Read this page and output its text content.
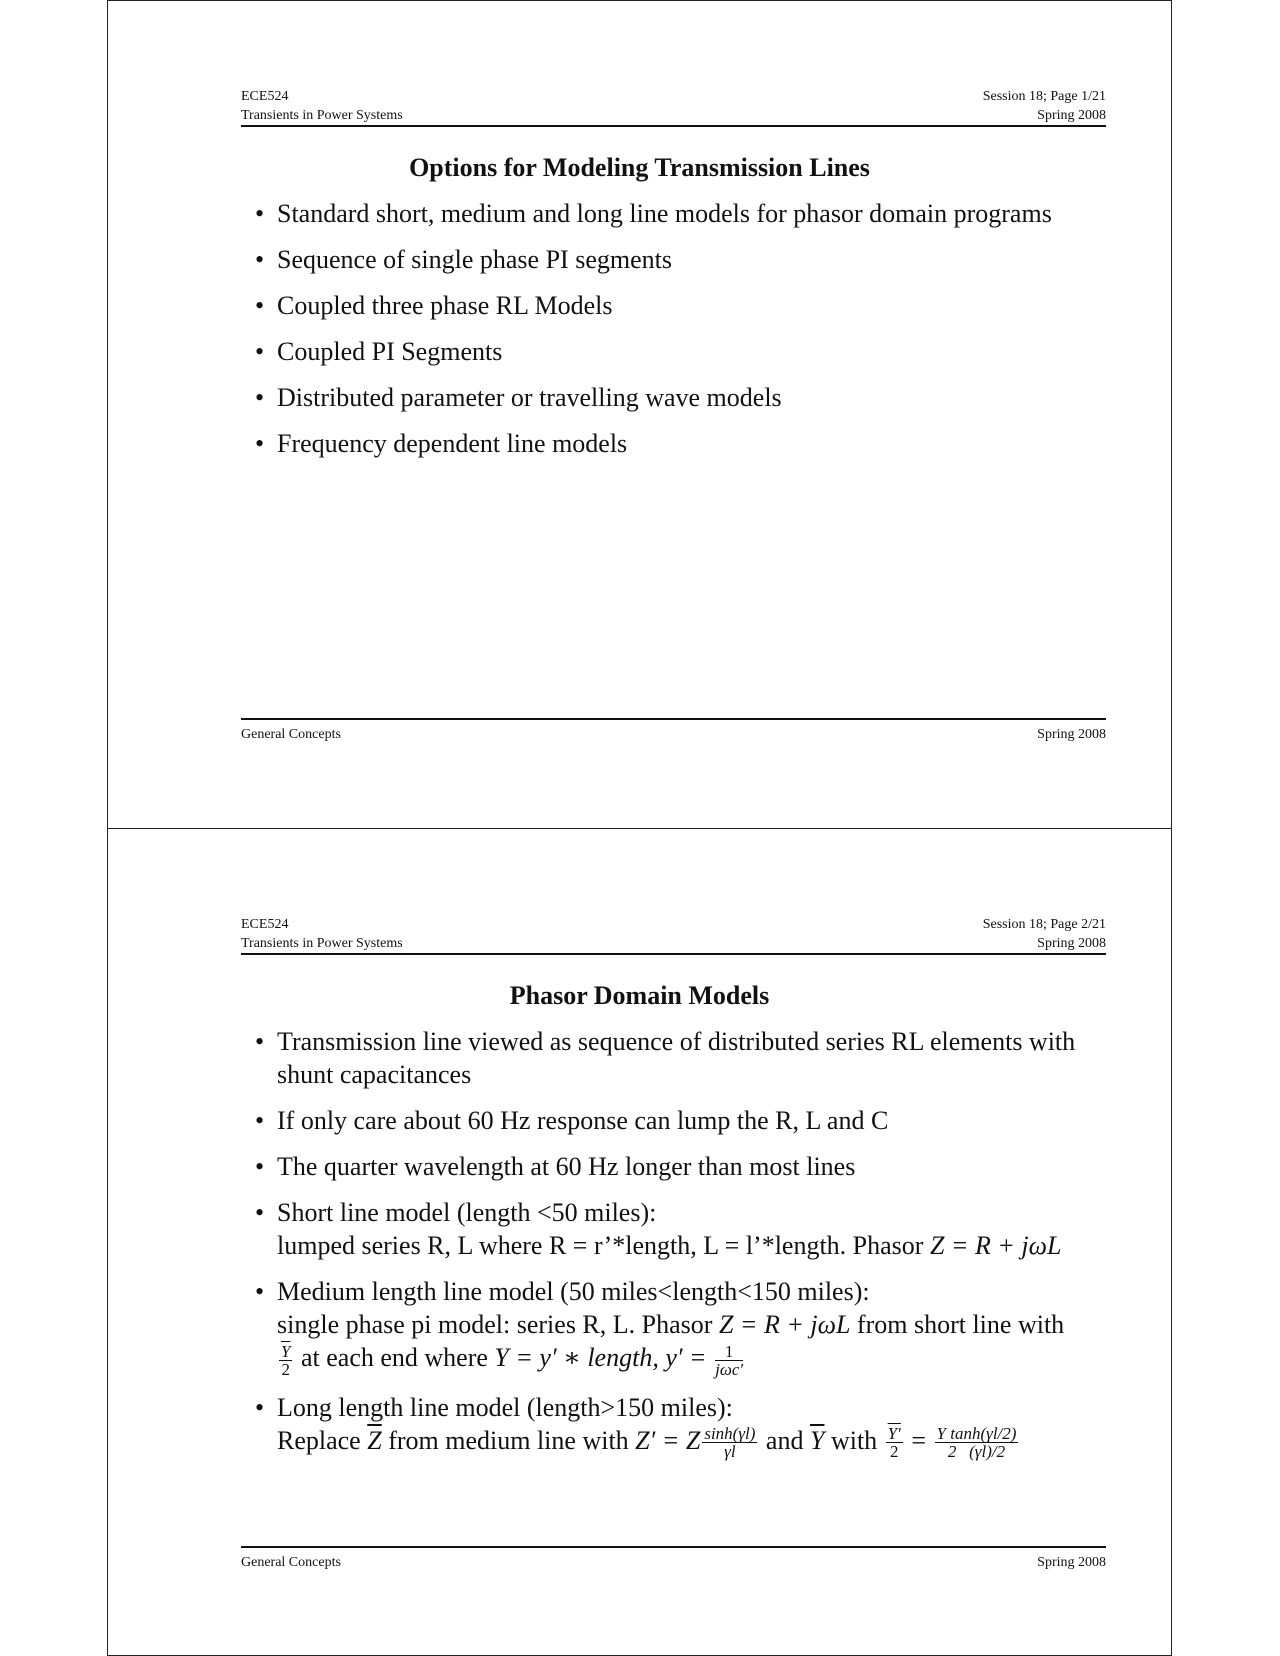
ECE524
Transients in Power Systems
Session 18; Page 1/21
Spring 2008
Options for Modeling Transmission Lines
• Standard short, medium and long line models for phasor domain programs
• Sequence of single phase PI segments
• Coupled three phase RL Models
• Coupled PI Segments
• Distributed parameter or travelling wave models
• Frequency dependent line models
General Concepts	Spring 2008
ECE524
Transients in Power Systems
Session 18; Page 2/21
Spring 2008
Phasor Domain Models
• Transmission line viewed as sequence of distributed series RL elements with
shunt capacitances
• If only care about 60 Hz response can lump the R, L and C
• The quarter wavelength at 60 Hz longer than most lines
• Short line model (length <50 miles):
lumped series R, L where R = r’*length, L = l’*length. Phasor Z = R + jωL
• Medium length line model (50 miles<length<150 miles):
single phase pi model: series R, L. Phasor Z = R + jωL from short line with
$\frac{\overline{Y}}{2}$ at each end where Y = y′ ∗ length, $y' = \frac{1}{\text{jωc′}}$
• Long length line model (length>150 miles):
Replace $\overline{Z}$ from medium line with Z′ = Z $\frac{\sinh(\gamma l)}{\gamma l}$ and $\overline{Y}$ with $\frac{Y'}{2} = \frac{\text{Y tanh(γl/2)}}{2 (\gamma l)/2}$
General Concepts	Spring 2008
